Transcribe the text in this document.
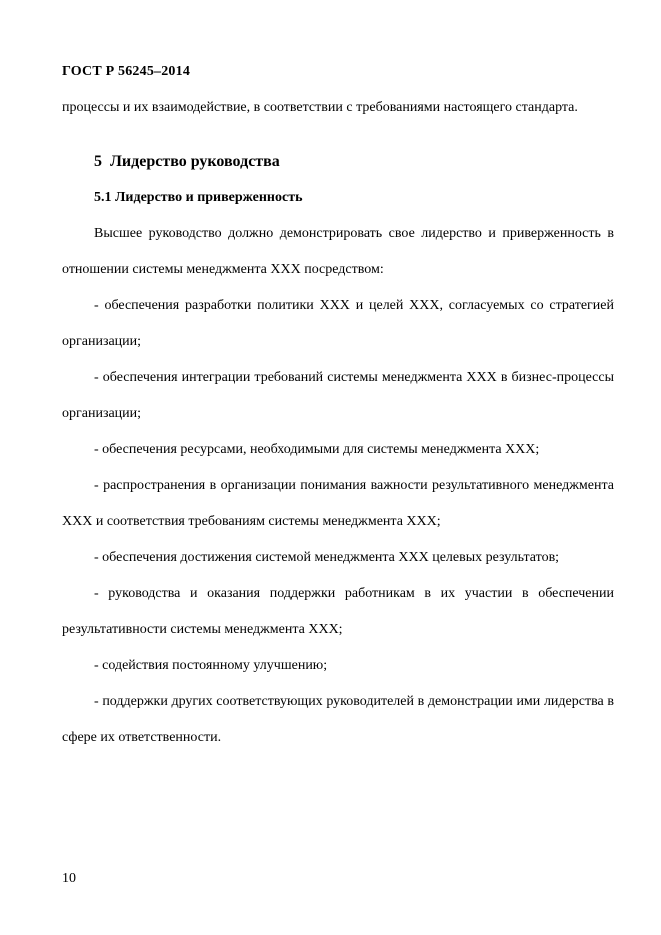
ГОСТ Р 56245–2014

процессы и их взаимодействие, в соответствии с требованиями настоящего стандарта.

5 Лидерство руководства
5.1 Лидерство и приверженность

Высшее руководство должно демонстрировать свое лидерство и приверженность в отношении системы менеджмента ХХХ посредством:

- обеспечения разработки политики ХХХ и целей ХХХ, согласуемых со стратегией организации;

- обеспечения интеграции требований системы менеджмента ХХХ в бизнес-процессы организации;

- обеспечения ресурсами, необходимыми для системы менеджмента ХХХ;

- распространения в организации понимания важности результативного менеджмента ХХХ и соответствия требованиям системы менеджмента ХХХ;

- обеспечения достижения системой менеджмента ХХХ целевых результатов;

- руководства и оказания поддержки работникам в их участии в обеспечении результативности системы менеджмента ХХХ;

- содействия постоянному улучшению;

- поддержки других соответствующих руководителей в демонстрации ими лидерства в сфере их ответственности.

10
